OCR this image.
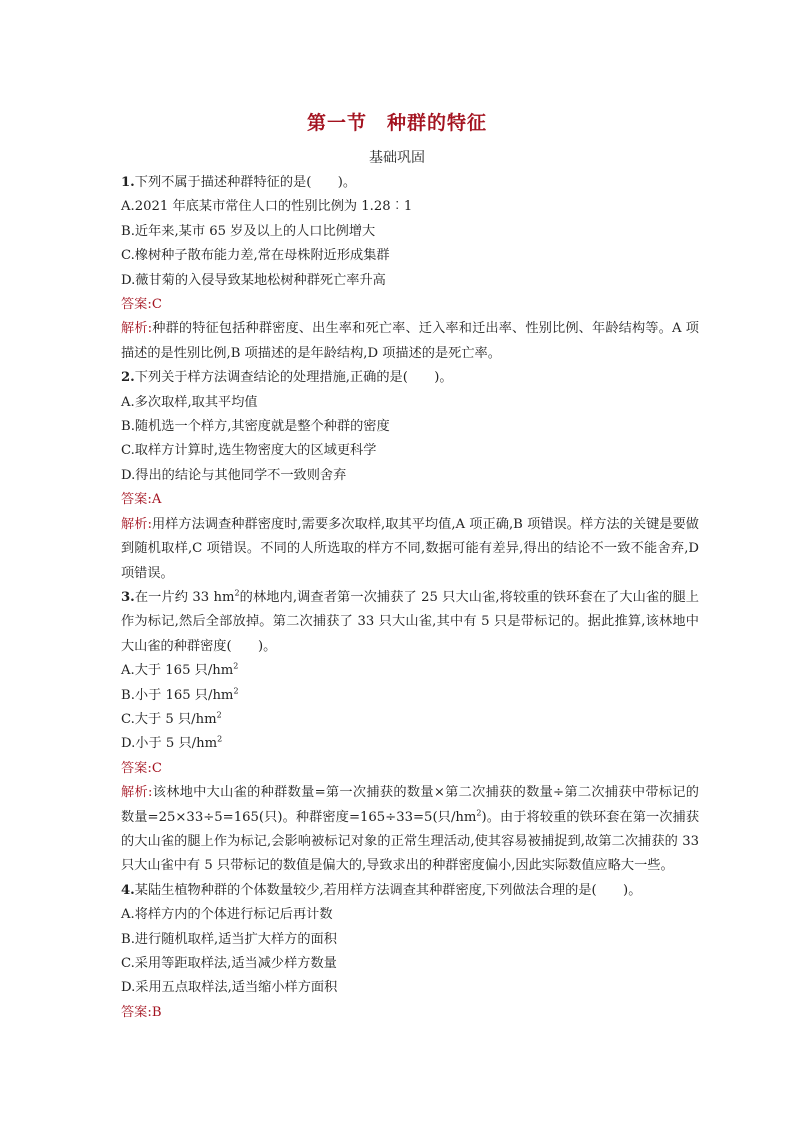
第一节　种群的特征
基础巩固
1.下列不属于描述种群特征的是(　　)。
A.2021 年底某市常住人口的性别比例为 1.28︰1
B.近年来,某市 65 岁及以上的人口比例增大
C.橡树种子散布能力差,常在母株附近形成集群
D.薇甘菊的入侵导致某地松树种群死亡率升高
答案:C
解析:种群的特征包括种群密度、出生率和死亡率、迁入率和迁出率、性别比例、年龄结构等。A 项描述的是性别比例,B 项描述的是年龄结构,D 项描述的是死亡率。
2.下列关于样方法调查结论的处理措施,正确的是(　　)。
A.多次取样,取其平均值
B.随机选一个样方,其密度就是整个种群的密度
C.取样方计算时,选生物密度大的区域更科学
D.得出的结论与其他同学不一致则舍弃
答案:A
解析:用样方法调查种群密度时,需要多次取样,取其平均值,A 项正确,B 项错误。样方法的关键是要做到随机取样,C 项错误。不同的人所选取的样方不同,数据可能有差异,得出的结论不一致不能舍弃,D 项错误。
3.在一片约 33 $hm^2$的林地内,调查者第一次捕获了 25 只大山雀,将较重的铁环套在了大山雀的腿上作为标记,然后全部放掉。第二次捕获了 33 只大山雀,其中有 5 只是带标记的。据此推算,该林地中大山雀的种群密度(　　)。
A.大于 165 只$/hm^2$
B.小于 165 只$/hm^2$
C.大于 5 只$/hm^2$
D.小于 5 只$/hm^2$
答案:C
解析:该林地中大山雀的种群数量=第一次捕获的数量×第二次捕获的数量÷第二次捕获中带标记的数量=25×33÷5=165(只)。种群密度=165÷33=5(只$/hm^2$)。由于将较重的铁环套在第一次捕获的大山雀的腿上作为标记,会影响被标记对象的正常生理活动,使其容易被捕捉到,故第二次捕获的 33 只大山雀中有 5 只带标记的数值是偏大的,导致求出的种群密度偏小,因此实际数值应略大一些。
4.某陆生植物种群的个体数量较少,若用样方法调查其种群密度,下列做法合理的是(　　)。
A.将样方内的个体进行标记后再计数
B.进行随机取样,适当扩大样方的面积
C.采用等距取样法,适当减少样方数量
D.采用五点取样法,适当缩小样方面积
答案:B
